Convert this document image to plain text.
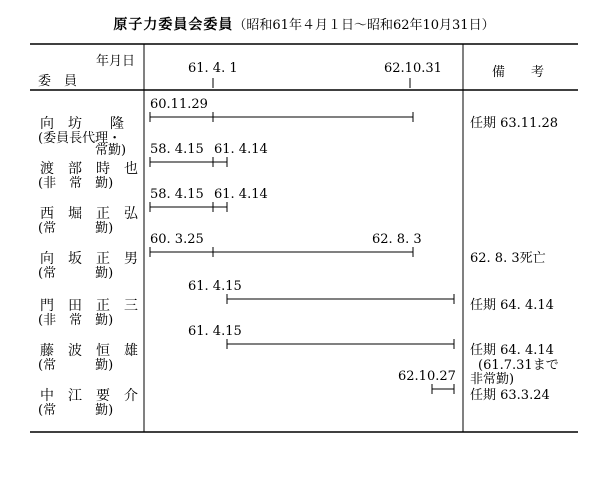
原子力委員会委員（昭和61年４月１日～昭和62年10月31日）
年月日
委　員
61. 4. 1	62.10.31	備　　考
向　坊　　隆
(委員長代理・
　常勤)
60.11.29
任期 63.11.28
渡　部　時　也
(非　常　勤)
58. 4.15 61. 4.14
西　堀　正　弘
(常　　　勤)
58. 4.15 61. 4.14
向　坂　正　男
(常　　　勤)
60. 3.25	62. 8. 3
62. 8. 3死亡
門　田　正　三
(非　常　勤)
61. 4.15
任期 64. 4.14
藤　波　恒　雄
(常　　　勤)
61. 4.15
任期 64. 4.14
(61.7.31まで
非常勤)
中　江　要　介
(常　　　勤)
62.10.27
任期 63.3.24
